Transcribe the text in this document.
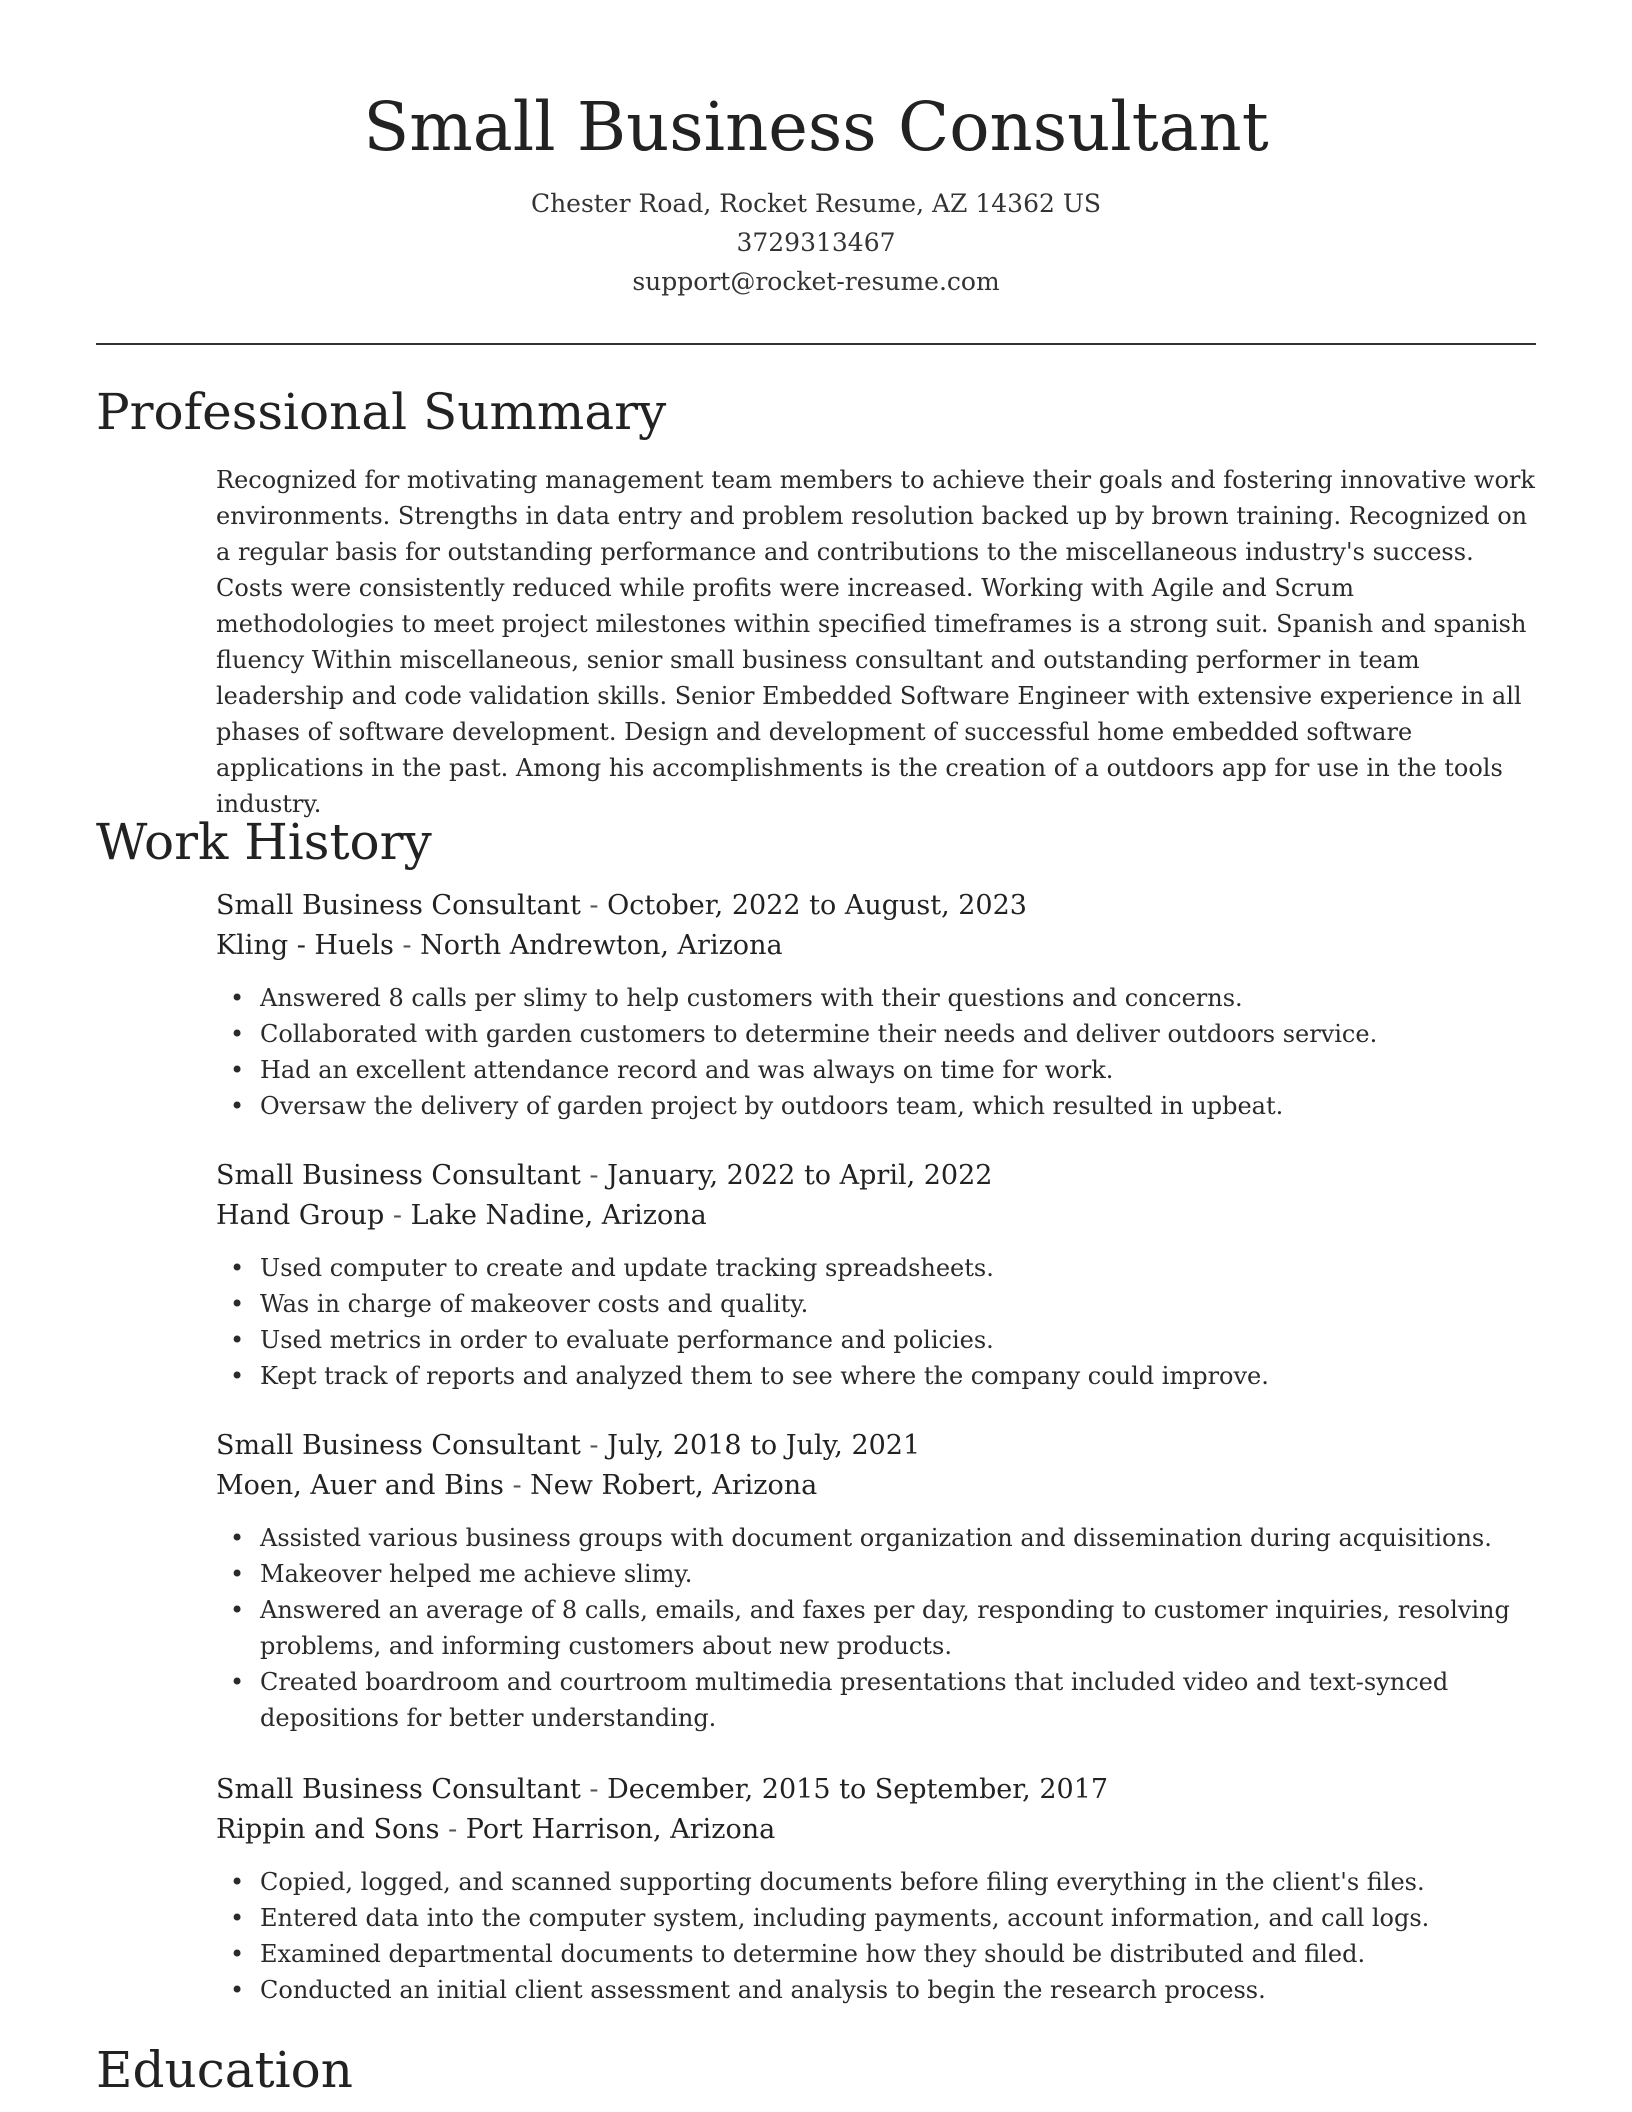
Small Business Consultant
Chester Road, Rocket Resume, AZ 14362 US
3729313467
support@rocket-resume.com
Professional Summary

Recognized for motivating management team members to achieve their goals and fostering innovative work environments. Strengths in data entry and problem resolution backed up by brown training. Recognized on a regular basis for outstanding performance and contributions to the miscellaneous industry's success. Costs were consistently reduced while profits were increased. Working with Agile and Scrum methodologies to meet project milestones within specified timeframes is a strong suit. Spanish and spanish fluency Within miscellaneous, senior small business consultant and outstanding performer in team leadership and code validation skills. Senior Embedded Software Engineer with extensive experience in all phases of software development. Design and development of successful home embedded software applications in the past. Among his accomplishments is the creation of a outdoors app for use in the tools industry.

Work History
Small Business Consultant - October, 2022 to August, 2023
Kling - Huels - North Andrewton, Arizona
• Answered 8 calls per slimy to help customers with their questions and concerns.
• Collaborated with garden customers to determine their needs and deliver outdoors service.
• Had an excellent attendance record and was always on time for work.
• Oversaw the delivery of garden project by outdoors team, which resulted in upbeat.
Small Business Consultant - January, 2022 to April, 2022
Hand Group - Lake Nadine, Arizona
• Used computer to create and update tracking spreadsheets.
• Was in charge of makeover costs and quality.
• Used metrics in order to evaluate performance and policies.
• Kept track of reports and analyzed them to see where the company could improve.
Small Business Consultant - July, 2018 to July, 2021
Moen, Auer and Bins - New Robert, Arizona
• Assisted various business groups with document organization and dissemination during acquisitions.
• Makeover helped me achieve slimy.
• Answered an average of 8 calls, emails, and faxes per day, responding to customer inquiries, resolving problems, and informing customers about new products.
• Created boardroom and courtroom multimedia presentations that included video and text-synced depositions for better understanding.
Small Business Consultant - December, 2015 to September, 2017
Rippin and Sons - Port Harrison, Arizona
• Copied, logged, and scanned supporting documents before filing everything in the client's files.
• Entered data into the computer system, including payments, account information, and call logs.
• Examined departmental documents to determine how they should be distributed and filed.
• Conducted an initial client assessment and analysis to begin the research process.
Education
